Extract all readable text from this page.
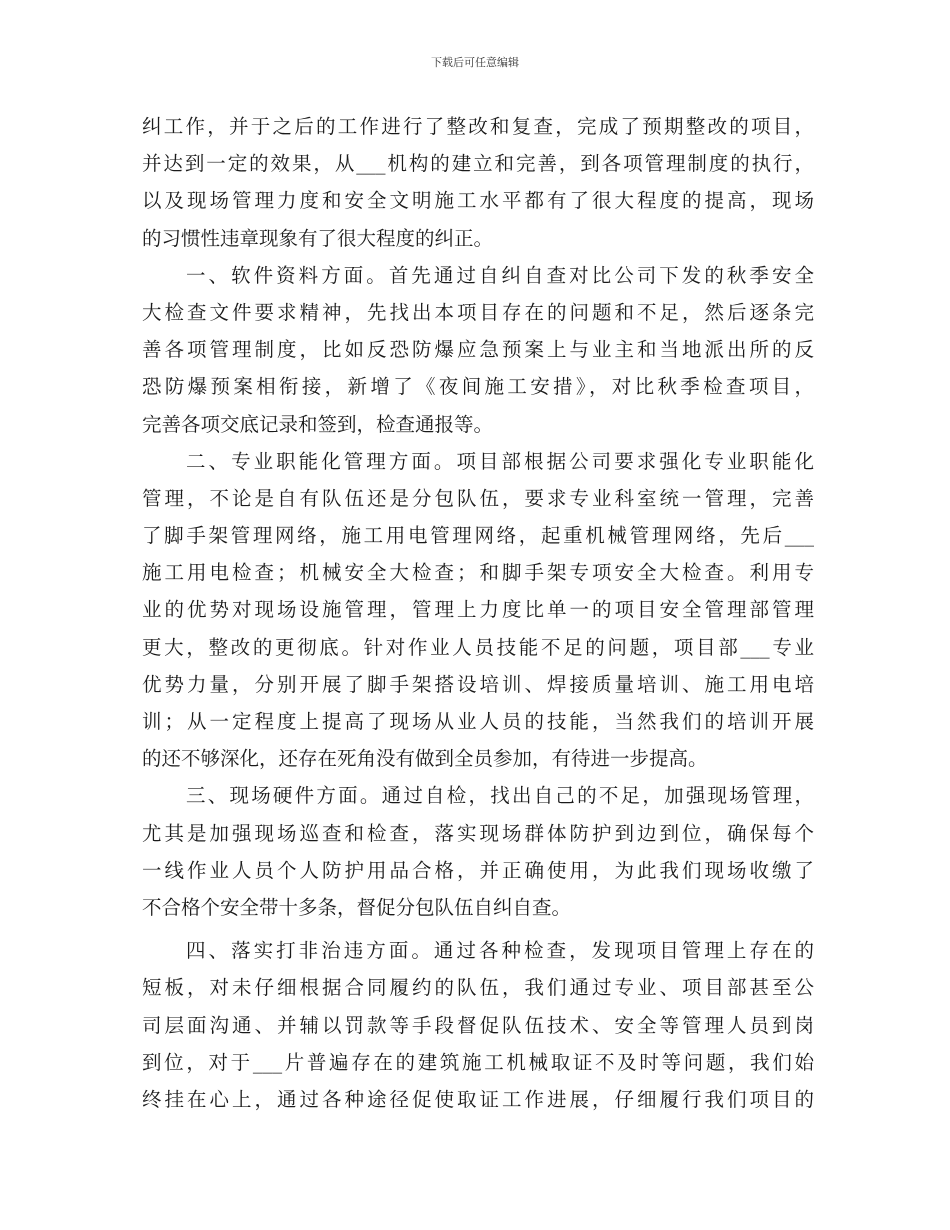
下载后可任意编辑
纠工作，并于之后的工作进行了整改和复查，完成了预期整改的项目，
并达到一定的效果，从___机构的建立和完善，到各项管理制度的执行，
以及现场管理力度和安全文明施工水平都有了很大程度的提高，现场
的习惯性违章现象有了很大程度的纠正。
一、软件资料方面。首先通过自纠自查对比公司下发的秋季安全
大检查文件要求精神，先找出本项目存在的问题和不足，然后逐条完
善各项管理制度，比如反恐防爆应急预案上与业主和当地派出所的反
恐防爆预案相衔接，新增了《夜间施工安措》，对比秋季检查项目，
完善各项交底记录和签到，检查通报等。
二、专业职能化管理方面。项目部根据公司要求强化专业职能化
管理，不论是自有队伍还是分包队伍，要求专业科室统一管理，完善
了脚手架管理网络，施工用电管理网络，起重机械管理网络，先后___
施工用电检查；机械安全大检查；和脚手架专项安全大检查。利用专
业的优势对现场设施管理，管理上力度比单一的项目安全管理部管理
更大，整改的更彻底。针对作业人员技能不足的问题，项目部___专业
优势力量，分别开展了脚手架搭设培训、焊接质量培训、施工用电培
训；从一定程度上提高了现场从业人员的技能，当然我们的培训开展
的还不够深化，还存在死角没有做到全员参加，有待进一步提高。
三、现场硬件方面。通过自检，找出自己的不足，加强现场管理，
尤其是加强现场巡查和检查，落实现场群体防护到边到位，确保每个
一线作业人员个人防护用品合格，并正确使用，为此我们现场收缴了
不合格个安全带十多条，督促分包队伍自纠自查。
四、落实打非治违方面。通过各种检查，发现项目管理上存在的
短板，对未仔细根据合同履约的队伍，我们通过专业、项目部甚至公
司层面沟通、并辅以罚款等手段督促队伍技术、安全等管理人员到岗
到位，对于___片普遍存在的建筑施工机械取证不及时等问题，我们始
终挂在心上，通过各种途径促使取证工作进展，仔细履行我们项目的
